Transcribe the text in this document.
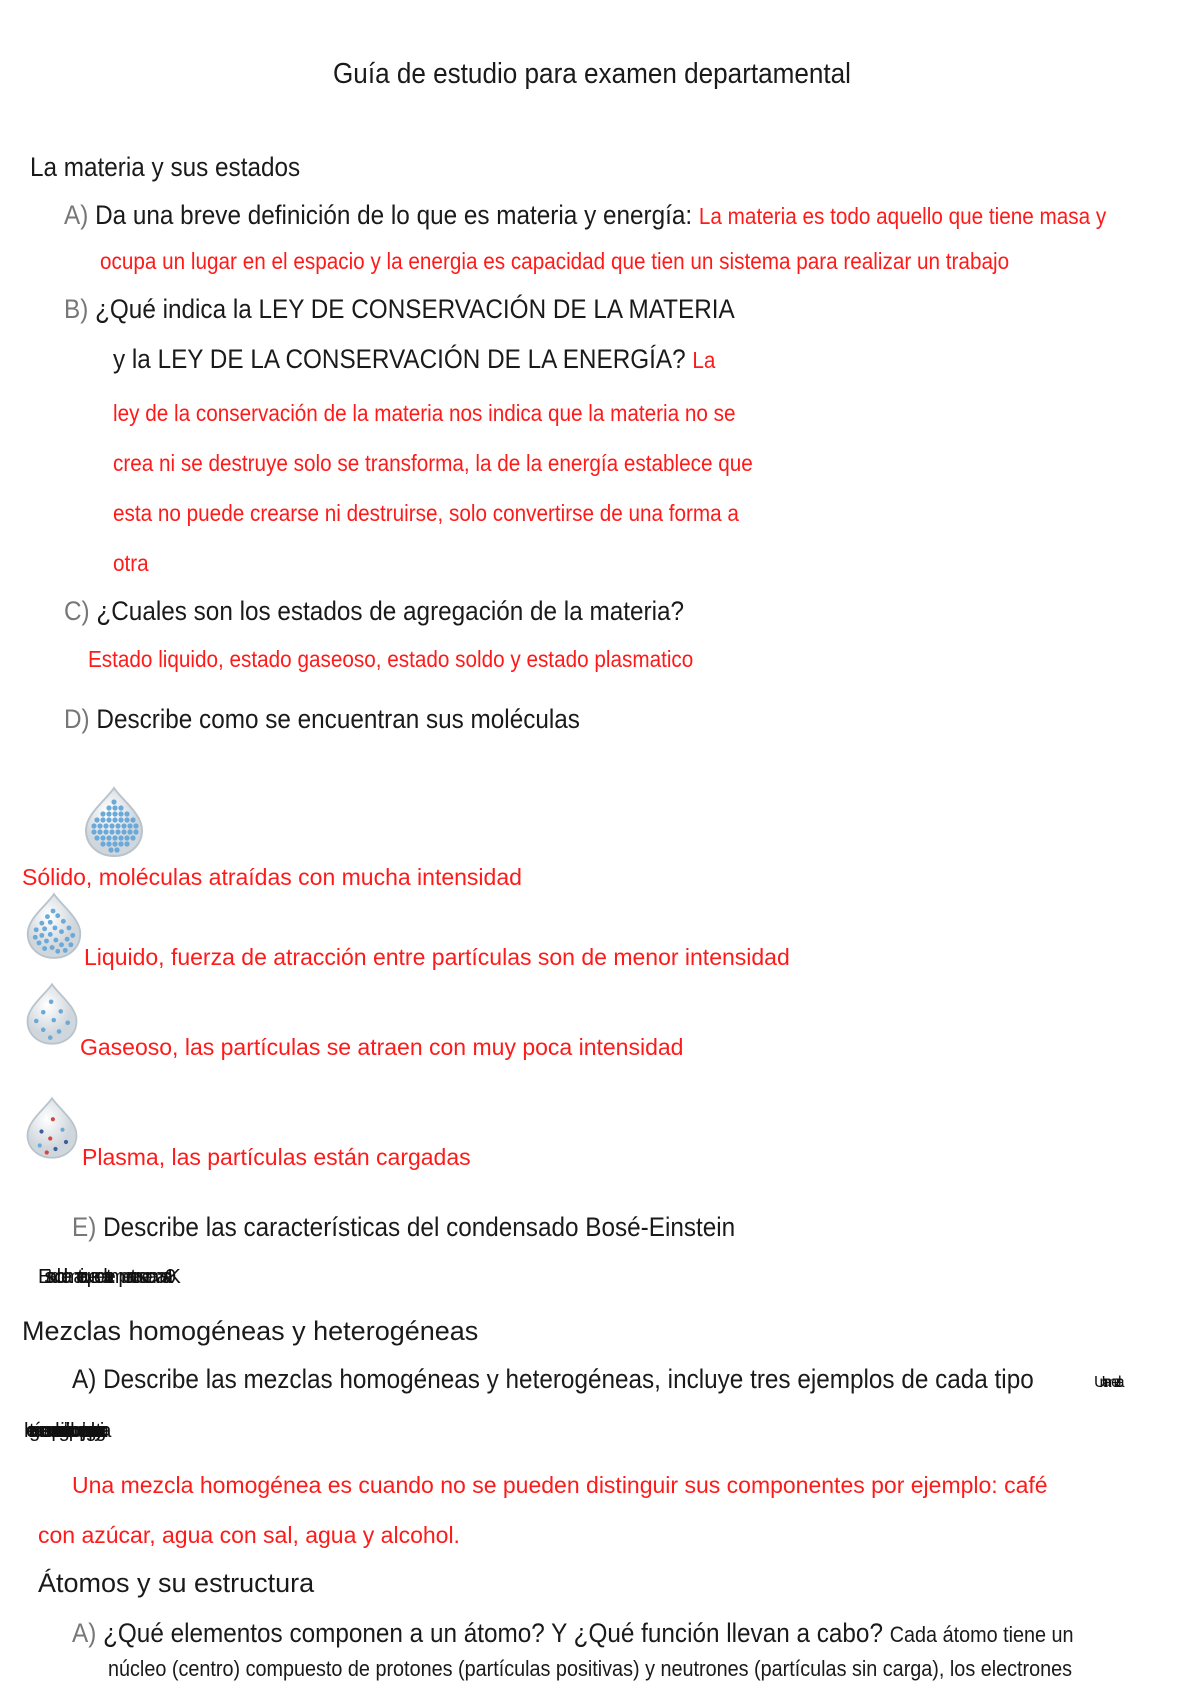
Guía de estudio para examen departamental
La materia y sus estados
A) Da una breve definición de lo que es materia y energía: La materia es todo aquello que tiene masa y
ocupa un lugar en el espacio y la energia es capacidad que tien un sistema para realizar un trabajo
B) ¿Qué indica la LEY DE CONSERVACIÓN DE LA MATERIA
y la LEY DE LA CONSERVACIÓN DE LA ENERGÍA? La
ley de la conservación de la materia nos indica que la materia no se
crea ni se destruye solo se transforma, la de la energía establece que
esta no puede crearse ni destruirse, solo convertirse de una forma a
otra
C) ¿Cuales son los estados de agregación de la materia?
Estado liquido, estado gaseoso, estado soldo y estado plasmatico
D) Describe como se encuentran sus moléculas
Sólido, moléculas atraídas con mucha intensidad
Liquido, fuerza de atracción entre partículas son de menor intensidad
Gaseoso, las partículas se atraen con muy poca intensidad
Plasma, las partículas están cargadas
E) Describe las características del condensado Bosé-Einstein
Estado de la materia que se da a temperaturas cercanas a 0 K
Mezclas homogéneas y heterogéneas
A) Describe las mezclas homogéneas y heterogéneas, incluye tres ejemplos de cada tipo	Una mezcla
heterogénea es cuando se pueden distinguir sus componentes por ejemplo: agua con aceite, arena y agua
Una mezcla homogénea es cuando no se pueden distinguir sus componentes por ejemplo: café
con azúcar, agua con sal, agua y alcohol.
Átomos y su estructura
A) ¿Qué elementos componen a un átomo? Y ¿Qué función llevan a cabo? Cada átomo tiene un
núcleo (centro) compuesto de protones (partículas positivas) y neutrones (partículas sin carga), los electrones
